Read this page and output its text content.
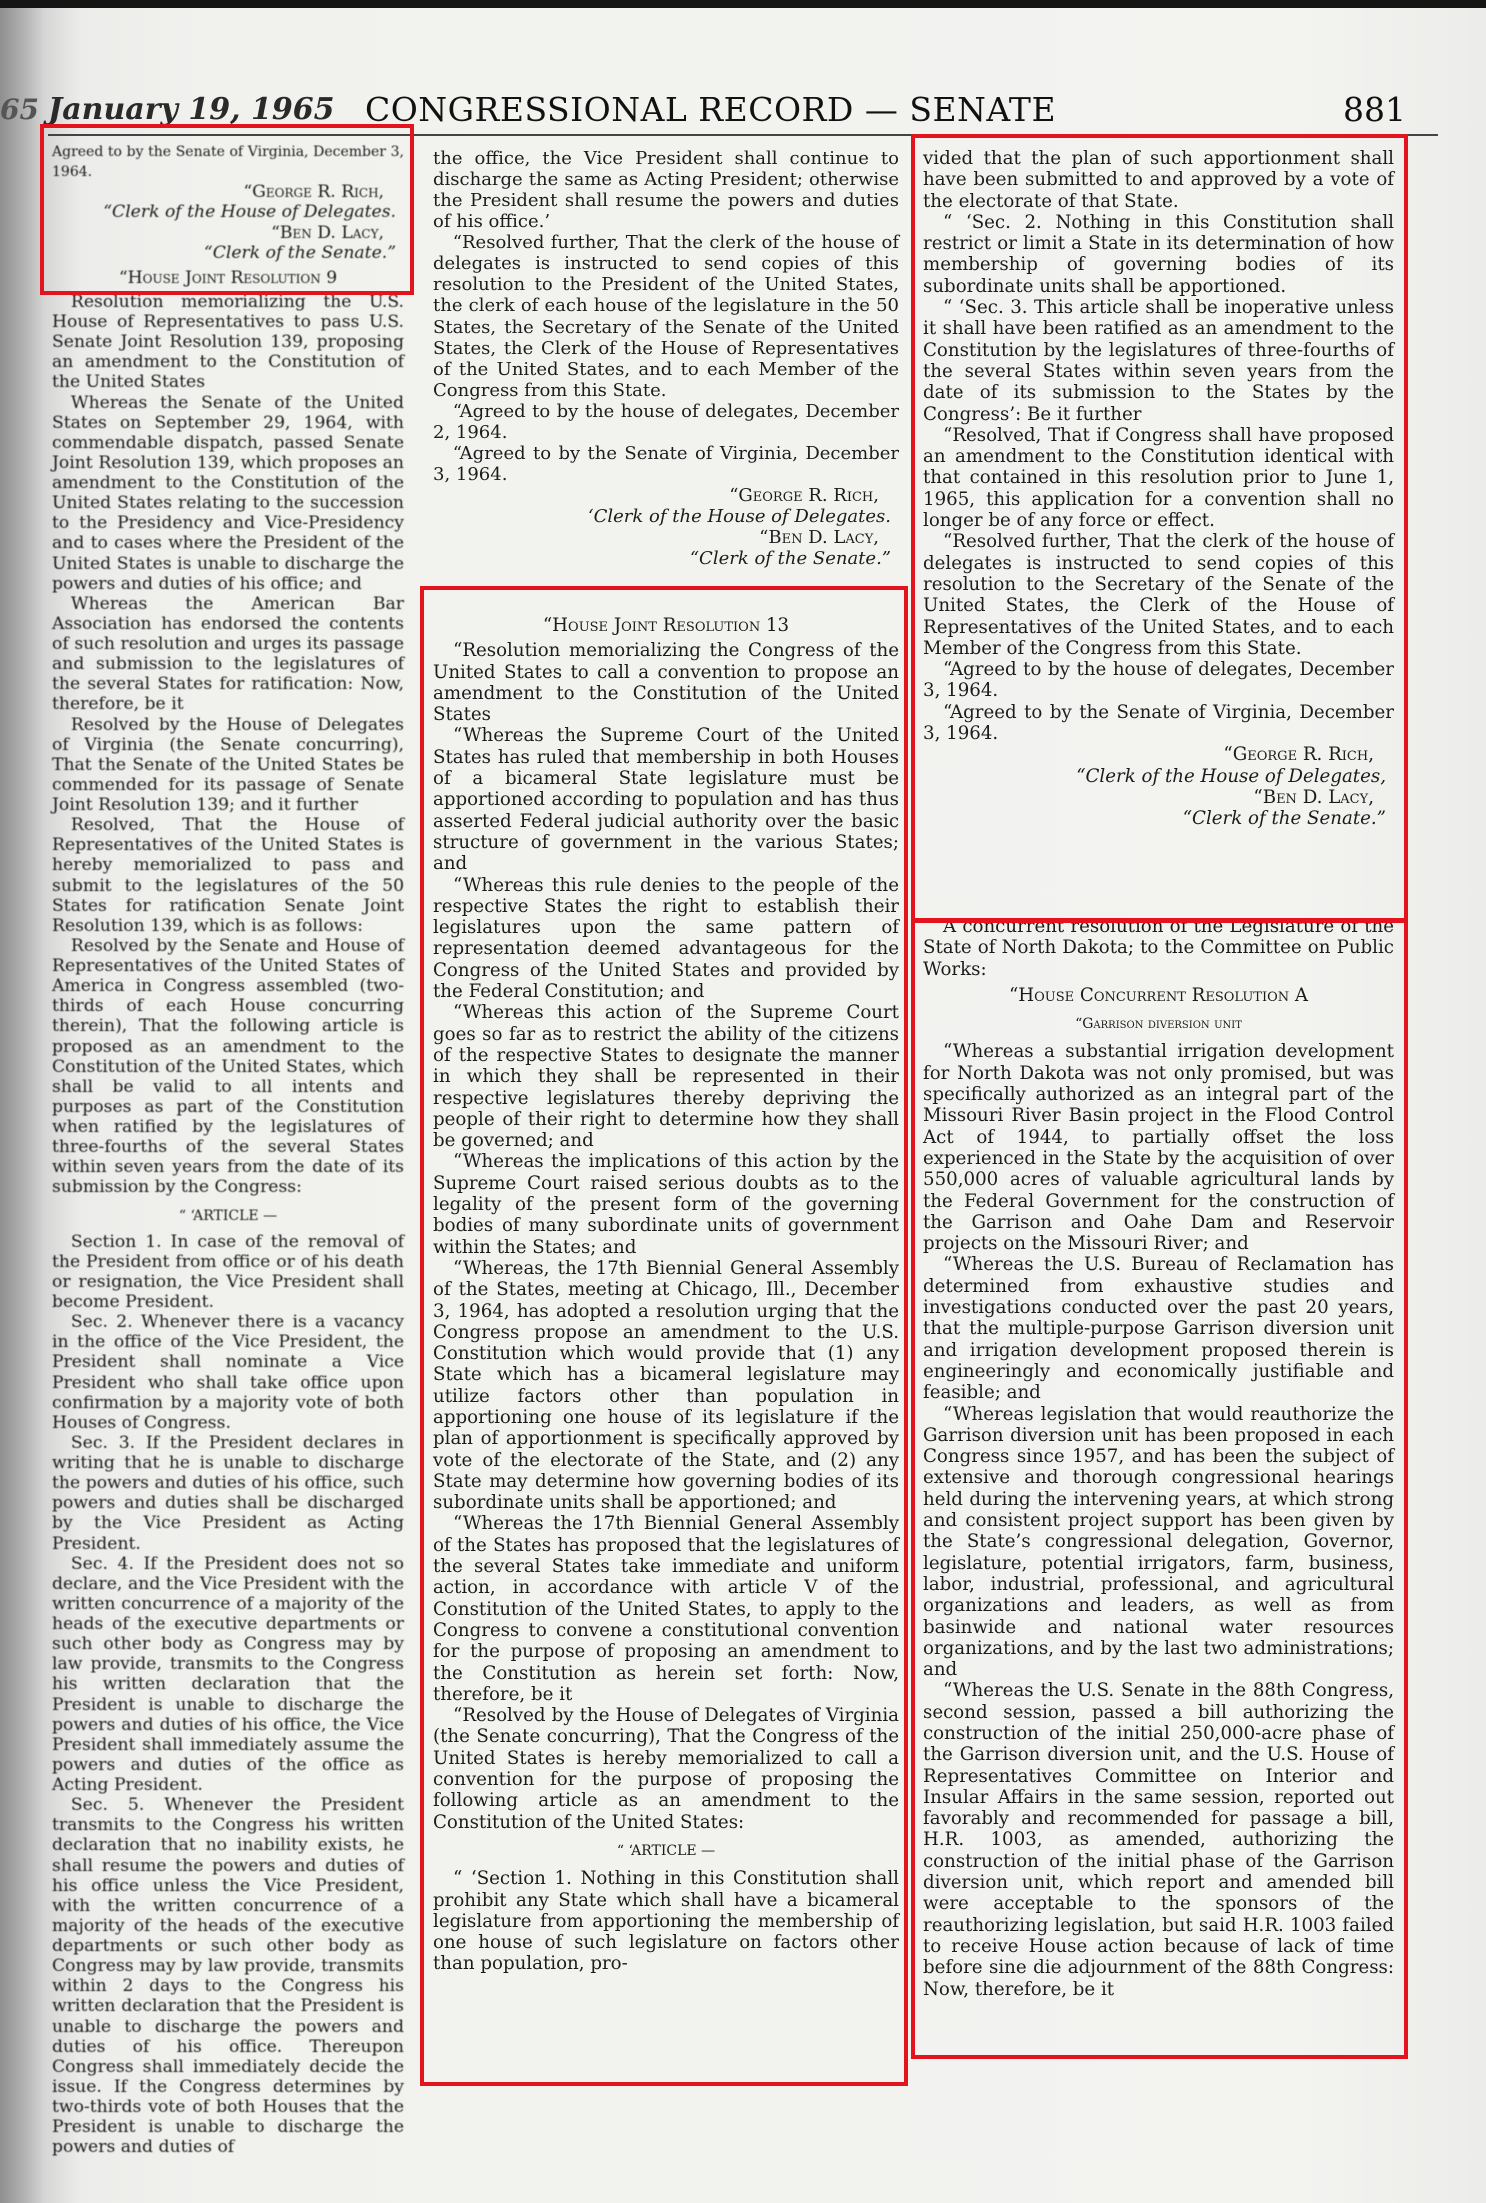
65 January 19, 1965 CONGRESSIONAL RECORD — SENATE	881

Agreed to by the Senate of Virginia, December 3, 1964.

“George R. Rich,

“Clerk of the House of Delegates.

“Ben D. Lacy,

“Clerk of the Senate.”

“House Joint Resolution 9

Resolution memorializing the U.S. House of Representatives to pass U.S. Senate Joint Resolution 139, proposing an amendment to the Constitution of the United States

Whereas the Senate of the United States on September 29, 1964, with commendable dispatch, passed Senate Joint Resolution 139, which proposes an amendment to the Constitution of the United States relating to the succession to the Presidency and Vice-Presidency and to cases where the President of the United States is unable to discharge the powers and duties of his office; and

Whereas the American Bar Association has endorsed the contents of such resolution and urges its passage and submission to the legislatures of the several States for ratification: Now, therefore, be it

Resolved by the House of Delegates of Virginia (the Senate concurring), That the Senate of the United States be commended for its passage of Senate Joint Resolution 139; and it further

Resolved, That the House of Representatives of the United States is hereby memorialized to pass and submit to the legislatures of the 50 States for ratification Senate Joint Resolution 139, which is as follows:

Resolved by the Senate and House of Representatives of the United States of America in Congress assembled (two-thirds of each House concurring therein), That the following article is proposed as an amendment to the Constitution of the United States, which shall be valid to all intents and purposes as part of the Constitution when ratified by the legislatures of three-fourths of the several States within seven years from the date of its submission by the Congress:

“ ‘ARTICLE —

Section 1. In case of the removal of the President from office or of his death or resignation, the Vice President shall become President.

Sec. 2. Whenever there is a vacancy in the office of the Vice President, the President shall nominate a Vice President who shall take office upon confirmation by a majority vote of both Houses of Congress.

Sec. 3. If the President declares in writing that he is unable to discharge the powers and duties of his office, such powers and duties shall be discharged by the Vice President as Acting President.

Sec. 4. If the President does not so declare, and the Vice President with the written concurrence of a majority of the heads of the executive departments or such other body as Congress may by law provide, transmits to the Congress his written declaration that the President is unable to discharge the powers and duties of his office, the Vice President shall immediately assume the powers and duties of the office as Acting President.

Sec. 5. Whenever the President transmits to the Congress his written declaration that no inability exists, he shall resume the powers and duties of his office unless the Vice President, with the written concurrence of a majority of the heads of the executive departments or such other body as Congress may by law provide, transmits within 2 days to the Congress his written declaration that the President is unable to discharge the powers and duties of his office. Thereupon Congress shall immediately decide the issue. If the Congress determines by two-thirds vote of both Houses that the President is unable to discharge the powers and duties of

the office, the Vice President shall continue to discharge the same as Acting President; otherwise the President shall resume the powers and duties of his office.’

“Resolved further, That the clerk of the house of delegates is instructed to send copies of this resolution to the President of the United States, the clerk of each house of the legislature in the 50 States, the Secretary of the Senate of the United States, the Clerk of the House of Representatives of the United States, and to each Member of the Congress from this State.

“Agreed to by the house of delegates, December 2, 1964.

“Agreed to by the Senate of Virginia, December 3, 1964.

“George R. Rich,

‘Clerk of the House of Delegates.

“Ben D. Lacy,

“Clerk of the Senate.”

“House Joint Resolution 13

“Resolution memorializing the Congress of the United States to call a convention to propose an amendment to the Constitution of the United States

“Whereas the Supreme Court of the United States has ruled that membership in both Houses of a bicameral State legislature must be apportioned according to population and has thus asserted Federal judicial authority over the basic structure of government in the various States; and

“Whereas this rule denies to the people of the respective States the right to establish their legislatures upon the same pattern of representation deemed advantageous for the Congress of the United States and provided by the Federal Constitution; and

“Whereas this action of the Supreme Court goes so far as to restrict the ability of the citizens of the respective States to designate the manner in which they shall be represented in their respective legislatures thereby depriving the people of their right to determine how they shall be governed; and

“Whereas the implications of this action by the Supreme Court raised serious doubts as to the legality of the present form of the governing bodies of many subordinate units of government within the States; and

“Whereas, the 17th Biennial General Assembly of the States, meeting at Chicago, Ill., December 3, 1964, has adopted a resolution urging that the Congress propose an amendment to the U.S. Constitution which would provide that (1) any State which has a bicameral legislature may utilize factors other than population in apportioning one house of its legislature if the plan of apportionment is specifically approved by vote of the electorate of the State, and (2) any State may determine how governing bodies of its subordinate units shall be apportioned; and

“Whereas the 17th Biennial General Assembly of the States has proposed that the legislatures of the several States take immediate and uniform action, in accordance with article V of the Constitution of the United States, to apply to the Congress to convene a constitutional convention for the purpose of proposing an amendment to the Constitution as herein set forth: Now, therefore, be it

“Resolved by the House of Delegates of Virginia (the Senate concurring), That the Congress of the United States is hereby memorialized to call a convention for the purpose of proposing the following article as an amendment to the Constitution of the United States:

“ ‘ARTICLE —

“ ‘Section 1. Nothing in this Constitution shall prohibit any State which shall have a bicameral legislature from apportioning the membership of one house of such legislature on factors other than population, pro-

vided that the plan of such apportionment shall have been submitted to and approved by a vote of the electorate of that State.

“ ‘Sec. 2. Nothing in this Constitution shall restrict or limit a State in its determination of how membership of governing bodies of its subordinate units shall be apportioned.

“ ‘Sec. 3. This article shall be inoperative unless it shall have been ratified as an amendment to the Constitution by the legislatures of three-fourths of the several States within seven years from the date of its submission to the States by the Congress’: Be it further

“Resolved, That if Congress shall have proposed an amendment to the Constitution identical with that contained in this resolution prior to June 1, 1965, this application for a convention shall no longer be of any force or effect.

“Resolved further, That the clerk of the house of delegates is instructed to send copies of this resolution to the Secretary of the Senate of the United States, the Clerk of the House of Representatives of the United States, and to each Member of the Congress from this State.

“Agreed to by the house of delegates, December 3, 1964.

“Agreed to by the Senate of Virginia, December 3, 1964.

“George R. Rich,

“Clerk of the House of Delegates,

“Ben D. Lacy,

“Clerk of the Senate.”

A concurrent resolution of the Legislature of the State of North Dakota; to the Committee on Public Works:

“House Concurrent Resolution A

“Garrison diversion unit

“Whereas a substantial irrigation development for North Dakota was not only promised, but was specifically authorized as an integral part of the Missouri River Basin project in the Flood Control Act of 1944, to partially offset the loss experienced in the State by the acquisition of over 550,000 acres of valuable agricultural lands by the Federal Government for the construction of the Garrison and Oahe Dam and Reservoir projects on the Missouri River; and

“Whereas the U.S. Bureau of Reclamation has determined from exhaustive studies and investigations conducted over the past 20 years, that the multiple-purpose Garrison diversion unit and irrigation development proposed therein is engineeringly and economically justifiable and feasible; and

“Whereas legislation that would reauthorize the Garrison diversion unit has been proposed in each Congress since 1957, and has been the subject of extensive and thorough congressional hearings held during the intervening years, at which strong and consistent project support has been given by the State’s congressional delegation, Governor, legislature, potential irrigators, farm, business, labor, industrial, professional, and agricultural organizations and leaders, as well as from basinwide and national water resources organizations, and by the last two administrations; and

“Whereas the U.S. Senate in the 88th Congress, second session, passed a bill authorizing the construction of the initial 250,000-acre phase of the Garrison diversion unit, and the U.S. House of Representatives Committee on Interior and Insular Affairs in the same session, reported out favorably and recommended for passage a bill, H.R. 1003, as amended, authorizing the construction of the initial phase of the Garrison diversion unit, which report and amended bill were acceptable to the sponsors of the reauthorizing legislation, but said H.R. 1003 failed to receive House action because of lack of time before sine die adjournment of the 88th Congress: Now, therefore, be it
